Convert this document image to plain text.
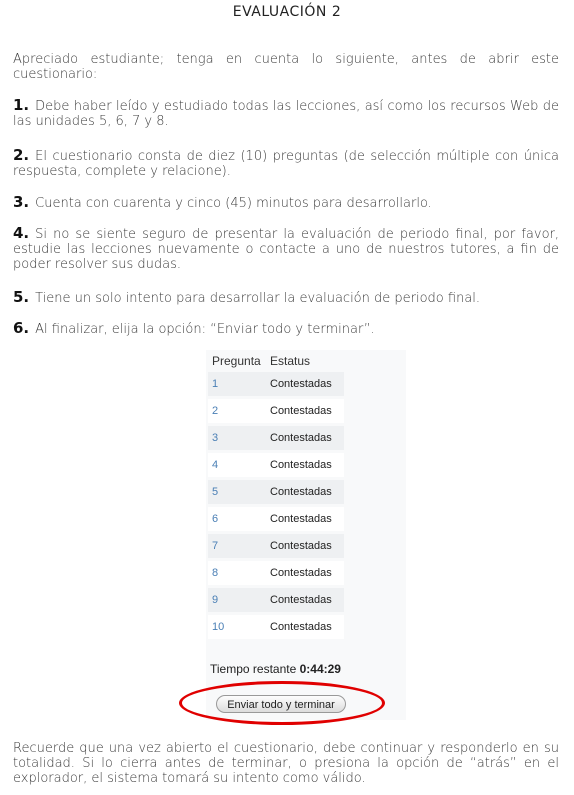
EVALUACIÓN 2
Apreciado estudiante; tenga en cuenta lo siguiente, antes de abrir este cuestionario:
1. Debe haber leído y estudiado todas las lecciones, así como los recursos Web de las unidades 5, 6, 7 y 8.
2. El cuestionario consta de diez (10) preguntas (de selección múltiple con única respuesta, complete y relacione).
3. Cuenta con cuarenta y cinco (45) minutos para desarrollarlo.
4. Si no se siente seguro de presentar la evaluación de periodo final, por favor, estudie las lecciones nuevamente o contacte a uno de nuestros tutores, a fin de poder resolver sus dudas.
5. Tiene un solo intento para desarrollar la evaluación de periodo final.
6. Al finalizar, elija la opción: “Enviar todo y terminar”.
Pregunta	Estatus
1	Contestadas
2	Contestadas
3	Contestadas
4	Contestadas
5	Contestadas
6	Contestadas
7	Contestadas
8	Contestadas
9	Contestadas
10	Contestadas
Tiempo restante 0:44:29
Enviar todo y terminar
Recuerde que una vez abierto el cuestionario, debe continuar y responderlo en su totalidad. Si lo cierra antes de terminar, o presiona la opción de “atrás” en el explorador, el sistema tomará su intento como válido.
